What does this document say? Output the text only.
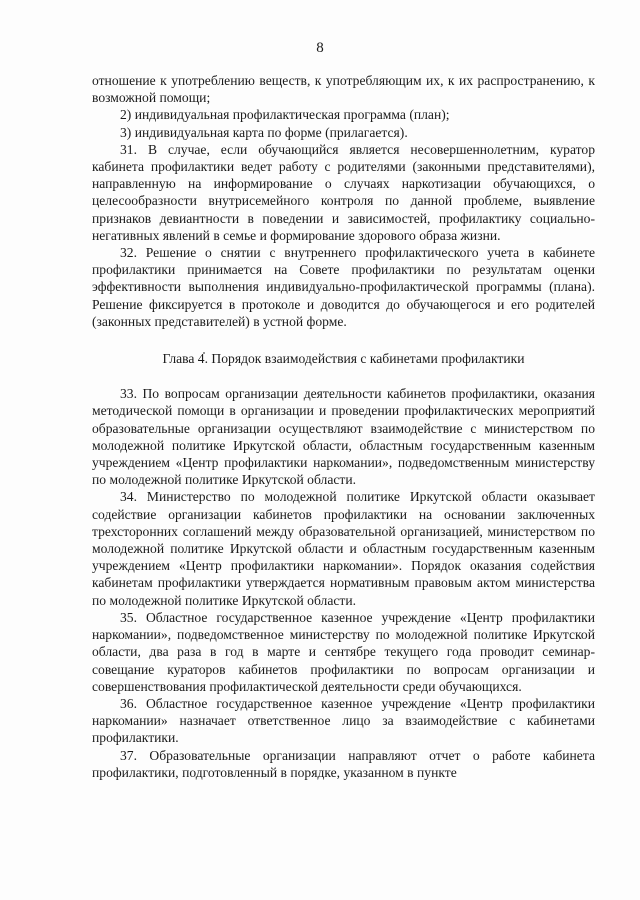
8

отношение к употреблению веществ, к употребляющим их, к их распространению, к возможной помощи;

2) индивидуальная профилактическая программа (план);

3) индивидуальная карта по форме (прилагается).

31. В случае, если обучающийся является несовершеннолетним, куратор кабинета профилактики ведет работу с родителями (законными представителями), направленную на информирование о случаях наркотизации обучающихся, о целесообразности внутрисемейного контроля по данной проблеме, выявление признаков девиантности в поведении и зависимостей, профилактику социально-негативных явлений в семье и формирование здорового образа жизни.

32. Решение о снятии с внутреннего профилактического учета в кабинете профилактики принимается на Совете профилактики по результатам оценки эффективности выполнения индивидуально-профилактической программы (плана). Решение фиксируется в протоколе и доводится до обучающегося и его родителей (законных представителей) в устной форме.

Глава 4. Порядок взаимодействия с кабинетами профилактики

33. По вопросам организации деятельности кабинетов профилактики, оказания методической помощи в организации и проведении профилактических мероприятий образовательные организации осуществляют взаимодействие с министерством по молодежной политике Иркутской области, областным государственным казенным учреждением «Центр профилактики наркомании», подведомственным министерству по молодежной политике Иркутской области.

34. Министерство по молодежной политике Иркутской области оказывает содействие организации кабинетов профилактики на основании заключенных трехсторонних соглашений между образовательной организацией, министерством по молодежной политике Иркутской области и областным государственным казенным учреждением «Центр профилактики наркомании». Порядок оказания содействия кабинетам профилактики утверждается нормативным правовым актом министерства по молодежной политике Иркутской области.

35. Областное государственное казенное учреждение «Центр профилактики наркомании», подведомственное министерству по молодежной политике Иркутской области, два раза в год в марте и сентябре текущего года проводит семинар-совещание кураторов кабинетов профилактики по вопросам организации и совершенствования профилактической деятельности среди обучающихся.

36. Областное государственное казенное учреждение «Центр профилактики наркомании» назначает ответственное лицо за взаимодействие с кабинетами профилактики.

37. Образовательные организации направляют отчет о работе кабинета профилактики, подготовленный в порядке, указанном в пункте
